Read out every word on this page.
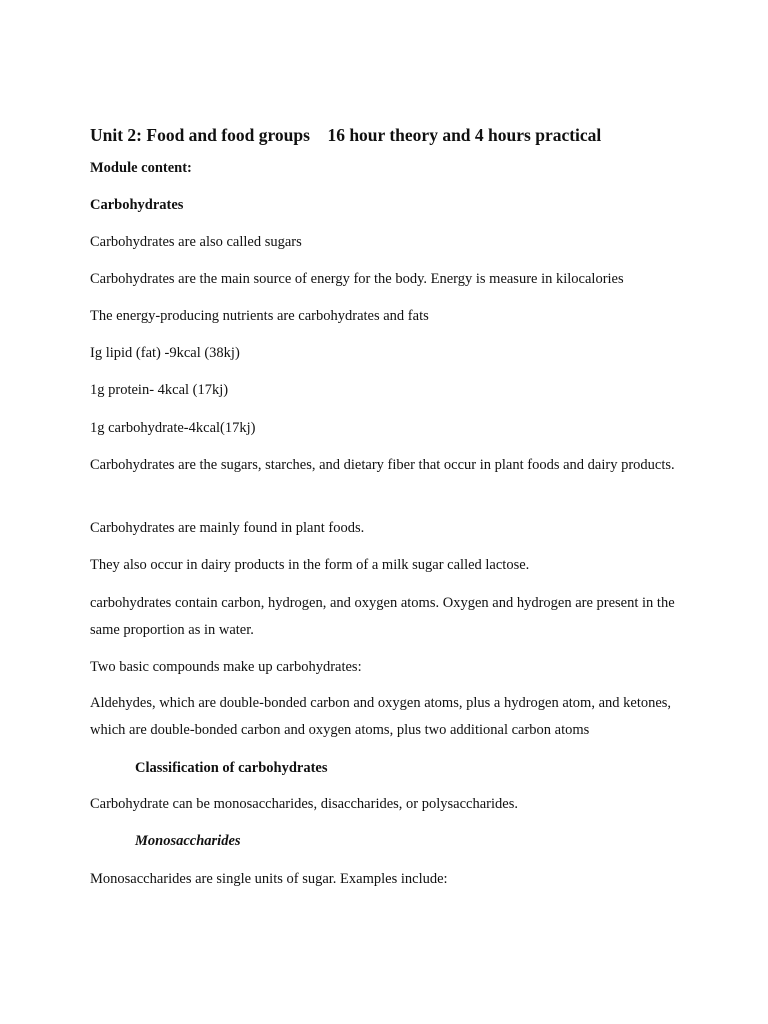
Unit 2: Food and food groups    16 hour theory and 4 hours practical

Module content:

Carbohydrates

Carbohydrates are also called sugars

Carbohydrates are the main source of energy for the body. Energy is measure in kilocalories

The energy-producing nutrients are carbohydrates and fats

Ig lipid (fat) -9kcal (38kj)

1g protein- 4kcal (17kj)

1g carbohydrate-4kcal(17kj)

Carbohydrates are the sugars, starches, and dietary fiber that occur in plant foods and dairy products.

Carbohydrates are mainly found in plant foods.

They also occur in dairy products in the form of a milk sugar called lactose.

carbohydrates contain carbon, hydrogen, and oxygen atoms. Oxygen and hydrogen are present in the same proportion as in water.

Two basic compounds make up carbohydrates:

Aldehydes, which are double-bonded carbon and oxygen atoms, plus a hydrogen atom, and ketones, which are double-bonded carbon and oxygen atoms, plus two additional carbon atoms

Classification of carbohydrates

Carbohydrate can be monosaccharides, disaccharides, or polysaccharides.

Monosaccharides

Monosaccharides are single units of sugar. Examples include:
